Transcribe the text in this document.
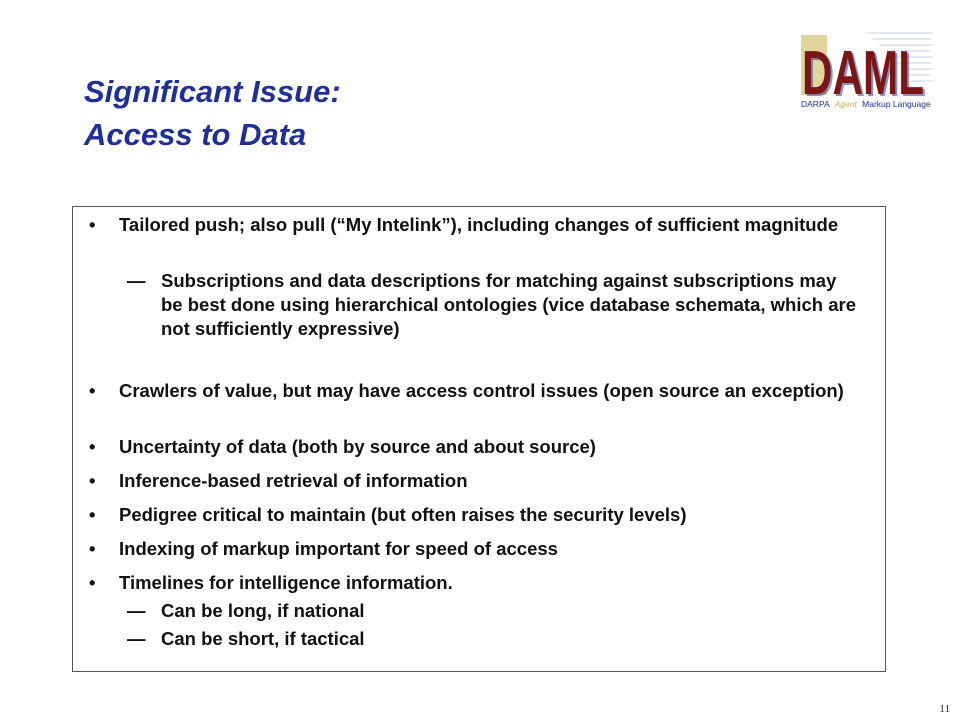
Significant Issue:
Access to Data
DAML
DAML
DARPA Agent Markup Language
• Tailored push; also pull (“My Intelink”), including changes of sufficient magnitude
— Subscriptions and data descriptions for matching against subscriptions may be best done using hierarchical ontologies (vice database schemata, which are not sufficiently expressive)
• Crawlers of value, but may have access control issues (open source an exception)
• Uncertainty of data (both by source and about source)
• Inference-based retrieval of information
• Pedigree critical to maintain (but often raises the security levels)
• Indexing of markup important for speed of access
• Timelines for intelligence information.
— Can be long, if national
— Can be short, if tactical
11
